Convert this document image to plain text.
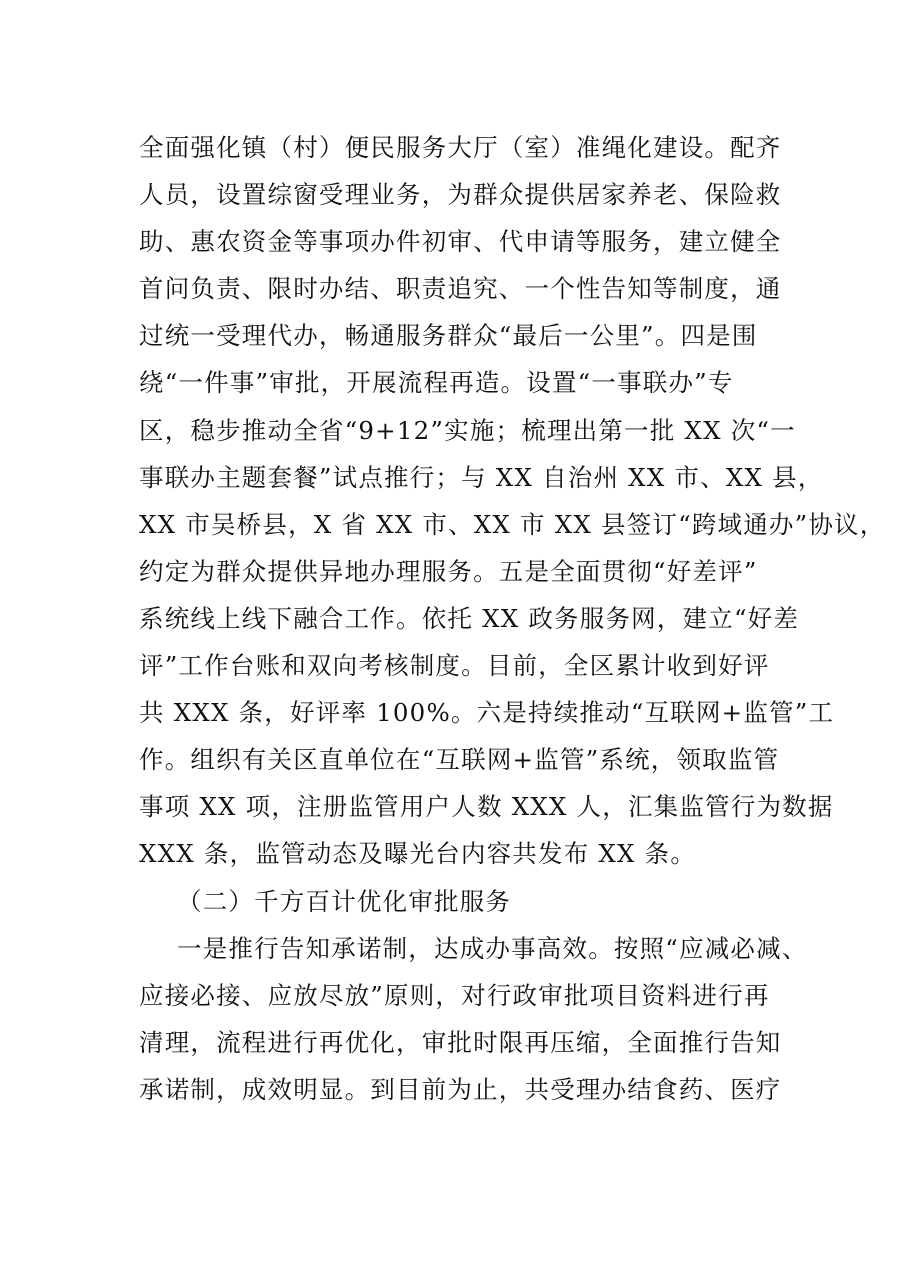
全面强化镇（村）便民服务大厅（室）准绳化建设。配齐
人员，设置综窗受理业务，为群众提供居家养老、保险救
助、惠农资金等事项办件初审、代申请等服务，建立健全
首问负责、限时办结、职责追究、一个性告知等制度，通
过统一受理代办，畅通服务群众“最后一公里”。四是围
绕“一件事”审批，开展流程再造。设置“一事联办”专
区，稳步推动全省“9+12”实施；梳理出第一批 XX 次“一
事联办主题套餐”试点推行；与 XX 自治州 XX 市、XX 县，
XX 市吴桥县，X 省 XX 市、XX 市 XX 县签订“跨域通办”协议，
约定为群众提供异地办理服务。五是全面贯彻“好差评”
系统线上线下融合工作。依托 XX 政务服务网，建立“好差
评”工作台账和双向考核制度。目前，全区累计收到好评
共 XXX 条，好评率 100%。六是持续推动“互联网+监管”工
作。组织有关区直单位在“互联网+监管”系统，领取监管
事项 XX 项，注册监管用户人数 XXX 人，汇集监管行为数据
XXX 条，监管动态及曝光台内容共发布 XX 条。
（二）千方百计优化审批服务
一是推行告知承诺制，达成办事高效。按照“应减必减、
应接必接、应放尽放”原则，对行政审批项目资料进行再
清理，流程进行再优化，审批时限再压缩，全面推行告知
承诺制，成效明显。到目前为止，共受理办结食药、医疗
